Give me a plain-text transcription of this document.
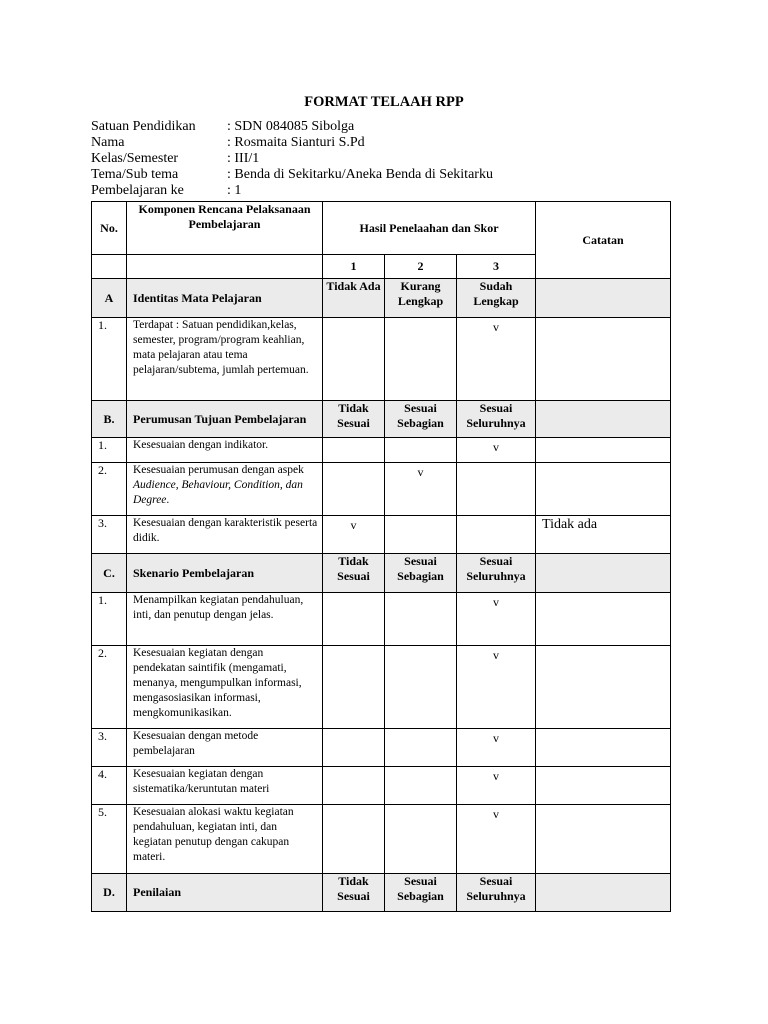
FORMAT TELAAH RPP
Satuan Pendidikan	: SDN 084085 Sibolga
Nama	: Rosmaita Sianturi S.Pd
Kelas/Semester	: III/1
Tema/Sub tema	: Benda di Sekitarku/Aneka Benda di Sekitarku
Pembelajaran ke	: 1
No.	Komponen Rencana Pelaksanaan Pembelajaran	Hasil Penelaahan dan Skor			Catatan
		1	2	3	
A	Identitas Mata Pelajaran	Tidak Ada	Kurang Lengkap	Sudah Lengkap	
1.	Terdapat : Satuan pendidikan,kelas, semester, program/program keahlian, mata pelajaran atau tema pelajaran/subtema, jumlah pertemuan.			v	
B.	Perumusan Tujuan Pembelajaran	Tidak Sesuai	Sesuai Sebagian	Sesuai Seluruhnya	
1.	Kesesuaian dengan indikator.			v	
2.	Kesesuaian perumusan dengan aspek Audience, Behaviour, Condition, dan Degree.		v		
3.	Kesesuaian dengan karakteristik peserta didik.	v			Tidak ada
C.	Skenario Pembelajaran	Tidak Sesuai	Sesuai Sebagian	Sesuai Seluruhnya	
1.	Menampilkan kegiatan pendahuluan, inti, dan penutup dengan jelas.			v	
2.	Kesesuaian kegiatan dengan pendekatan saintifik (mengamati, menanya, mengumpulkan informasi, mengasosiasikan informasi, mengkomunikasikan.			v	
3.	Kesesuaian dengan metode pembelajaran			v	
4.	Kesesuaian kegiatan dengan sistematika/keruntutan materi			v	
5.	Kesesuaian alokasi waktu kegiatan pendahuluan, kegiatan inti, dan kegiatan penutup dengan cakupan materi.			v	
D.	Penilaian	Tidak Sesuai	Sesuai Sebagian	Sesuai Seluruhnya	
